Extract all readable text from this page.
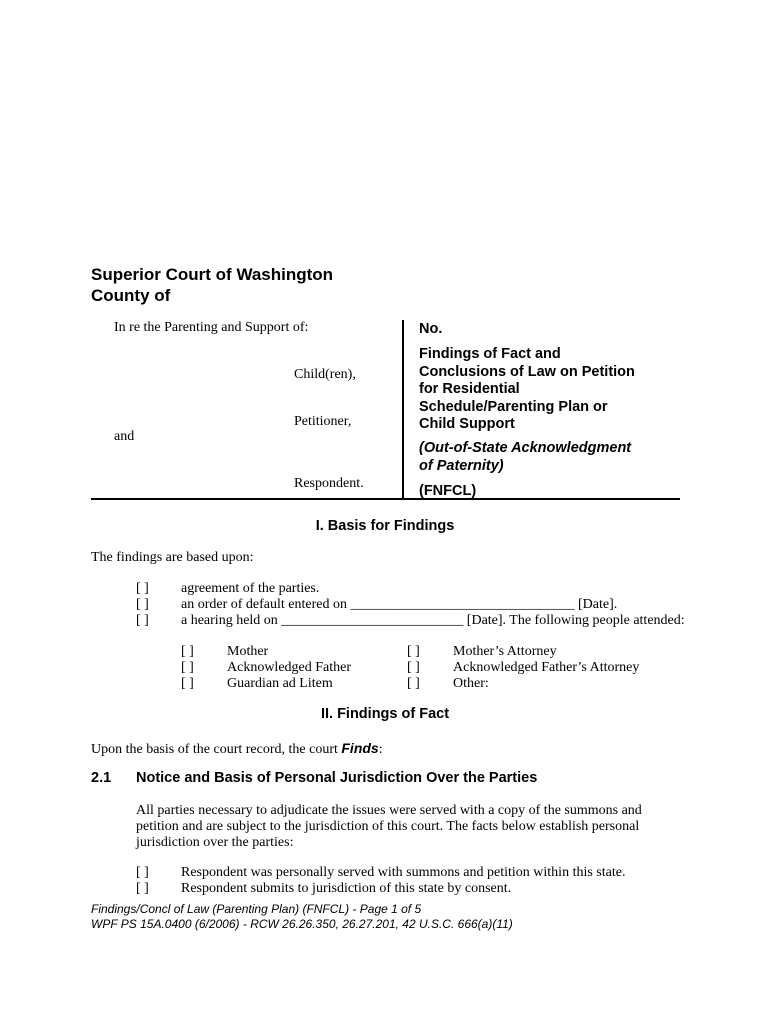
Superior Court of Washington
County of
In re the Parenting and Support of:
Child(ren),
Petitioner,
and
Respondent.
No.
Findings of Fact and
Conclusions of Law on Petition
for Residential
Schedule/Parenting Plan or
Child Support
(Out-of-State Acknowledgment
of Paternity)
(FNFCL)
I. Basis for Findings
The findings are based upon:
[ ] agreement of the parties.
[ ] an order of default entered on ________________________________ [Date].
[ ] a hearing held on __________________________ [Date]. The following people attended:
[ ] Mother
[ ] Acknowledged Father
[ ] Guardian ad Litem
[ ] Mother’s Attorney
[ ] Acknowledged Father’s Attorney
[ ] Other:
II. Findings of Fact
Upon the basis of the court record, the court Finds:
2.1 Notice and Basis of Personal Jurisdiction Over the Parties
All parties necessary to adjudicate the issues were served with a copy of the summons and petition and are subject to the jurisdiction of this court. The facts below establish personal jurisdiction over the parties:
[ ] Respondent was personally served with summons and petition within this state.
[ ] Respondent submits to jurisdiction of this state by consent.
Findings/Concl of Law (Parenting Plan) (FNFCL) - Page 1 of 5
WPF PS 15A.0400 (6/2006) - RCW 26.26.350, 26.27.201, 42 U.S.C. 666(a)(11)
